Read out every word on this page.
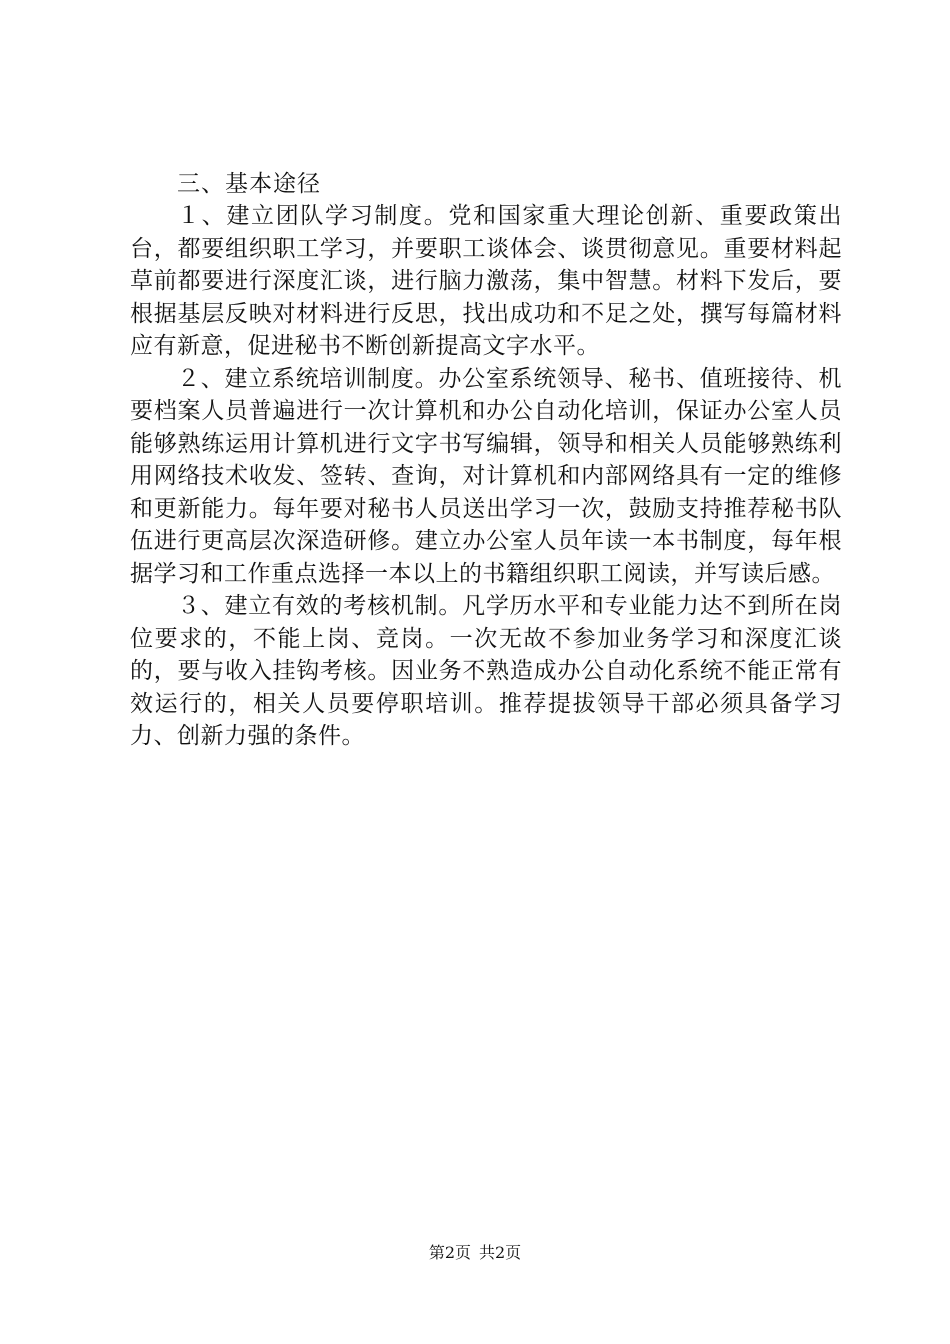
三、基本途径

１、建立团队学习制度。党和国家重大理论创新、重要政策出台，都要组织职工学习，并要职工谈体会、谈贯彻意见。重要材料起草前都要进行深度汇谈，进行脑力激荡，集中智慧。材料下发后，要根据基层反映对材料进行反思，找出成功和不足之处，撰写每篇材料应有新意，促进秘书不断创新提高文字水平。

２、建立系统培训制度。办公室系统领导、秘书、值班接待、机要档案人员普遍进行一次计算机和办公自动化培训，保证办公室人员能够熟练运用计算机进行文字书写编辑，领导和相关人员能够熟练利用网络技术收发、签转、查询，对计算机和内部网络具有一定的维修和更新能力。每年要对秘书人员送出学习一次，鼓励支持推荐秘书队伍进行更高层次深造研修。建立办公室人员年读一本书制度，每年根据学习和工作重点选择一本以上的书籍组织职工阅读，并写读后感。

３、建立有效的考核机制。凡学历水平和专业能力达不到所在岗位要求的，不能上岗、竞岗。一次无故不参加业务学习和深度汇谈的，要与收入挂钩考核。因业务不熟造成办公自动化系统不能正常有效运行的，相关人员要停职培训。推荐提拔领导干部必须具备学习力、创新力强的条件。

第2页 共2页
